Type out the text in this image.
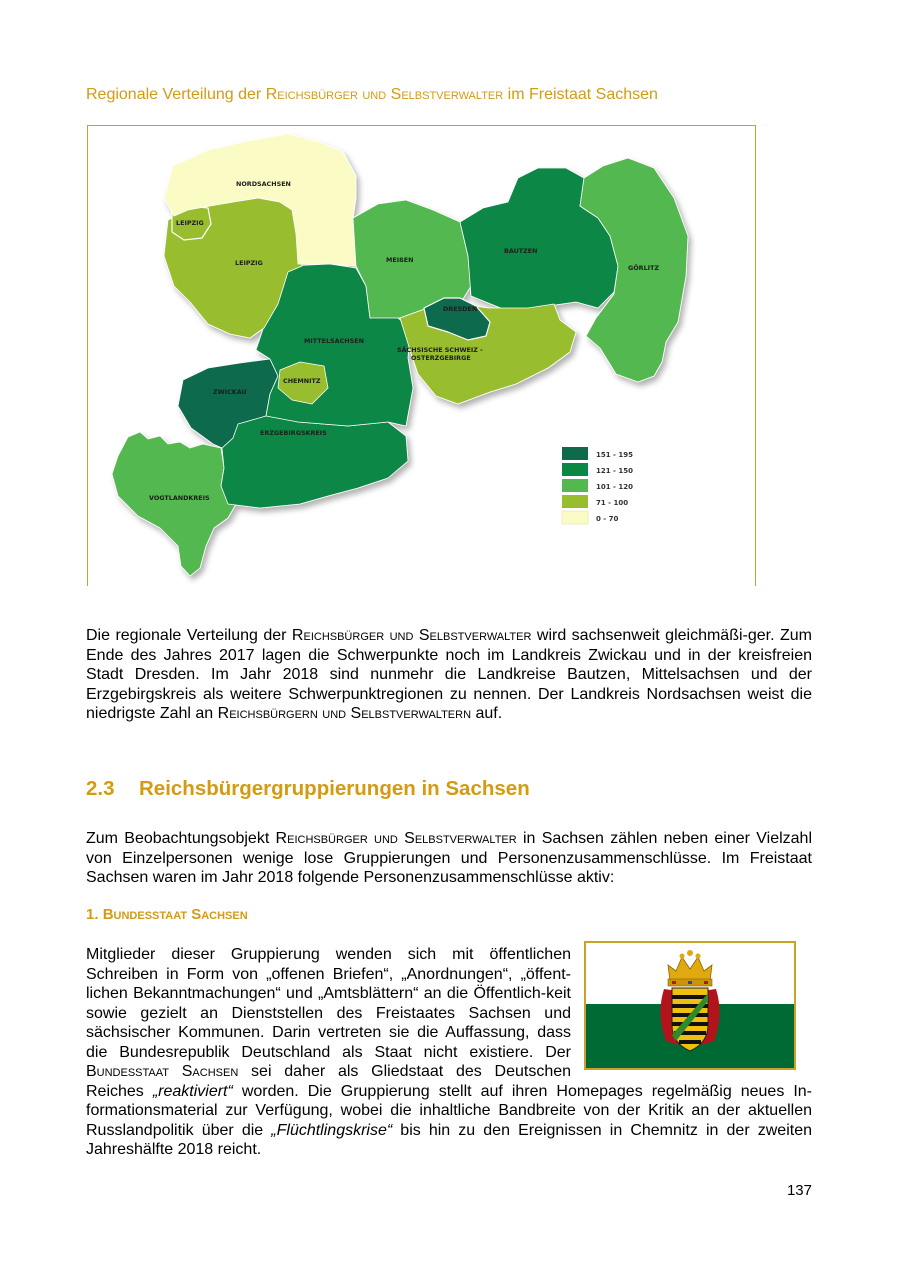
Regionale Verteilung der Reichsbürger und Selbstverwalter im Freistaat Sachsen
NORDSACHSEN
LEIPZIG
LEIPZIG	MEIßEN
BAUTZEN
GÖRLITZ
DRESDEN
MITTELSACHSEN
SÄCHSISCHE SCHWEIZ -
OSTERZGEBIRGE
CHEMNITZ
ZWICKAU
ERZGEBIRGSKREIS
VOGTLANDKREIS
151 - 195
121 - 150
101 - 120
71 - 100
0 - 70

Die regionale Verteilung der Reichsbürger und Selbstverwalter wird sachsenweit gleichmäßi-ger. Zum Ende des Jahres 2017 lagen die Schwerpunkte noch im Landkreis Zwickau und in der kreisfreien Stadt Dresden. Im Jahr 2018 sind nunmehr die Landkreise Bautzen, Mittelsachsen und der Erzgebirgskreis als weitere Schwerpunktregionen zu nennen. Der Landkreis Nordsachsen weist die niedrigste Zahl an Reichsbürgern und Selbstverwaltern auf.

2.3 Reichsbürgergruppierungen in Sachsen

Zum Beobachtungsobjekt Reichsbürger und Selbstverwalter in Sachsen zählen neben einer Vielzahl von Einzelpersonen wenige lose Gruppierungen und Personenzusammenschlüsse. Im Freistaat Sachsen waren im Jahr 2018 folgende Personenzusammenschlüsse aktiv:

1. Bundesstaat Sachsen

Mitglieder dieser Gruppierung wenden sich mit öffentlichen Schreiben in Form von „offenen Briefen“, „Anordnungen“, „öffent-lichen Bekanntmachungen“ und „Amtsblättern“ an die Öffentlich-keit sowie gezielt an Dienststellen des Freistaates Sachsen und sächsischer Kommunen. Darin vertreten sie die Auffassung, dass die Bundesrepublik Deutschland als Staat nicht existiere. Der Bundesstaat Sachsen sei daher als Gliedstaat des Deutschen Reiches „reaktiviert“ worden. Die Gruppierung stellt auf ihren Homepages regelmäßig neues In-formationsmaterial zur Verfügung, wobei die inhaltliche Bandbreite von der Kritik an der aktuellen Russlandpolitik über die „Flüchtlingskrise“ bis hin zu den Ereignissen in Chemnitz in der zweiten Jahreshälfte 2018 reicht.

137
